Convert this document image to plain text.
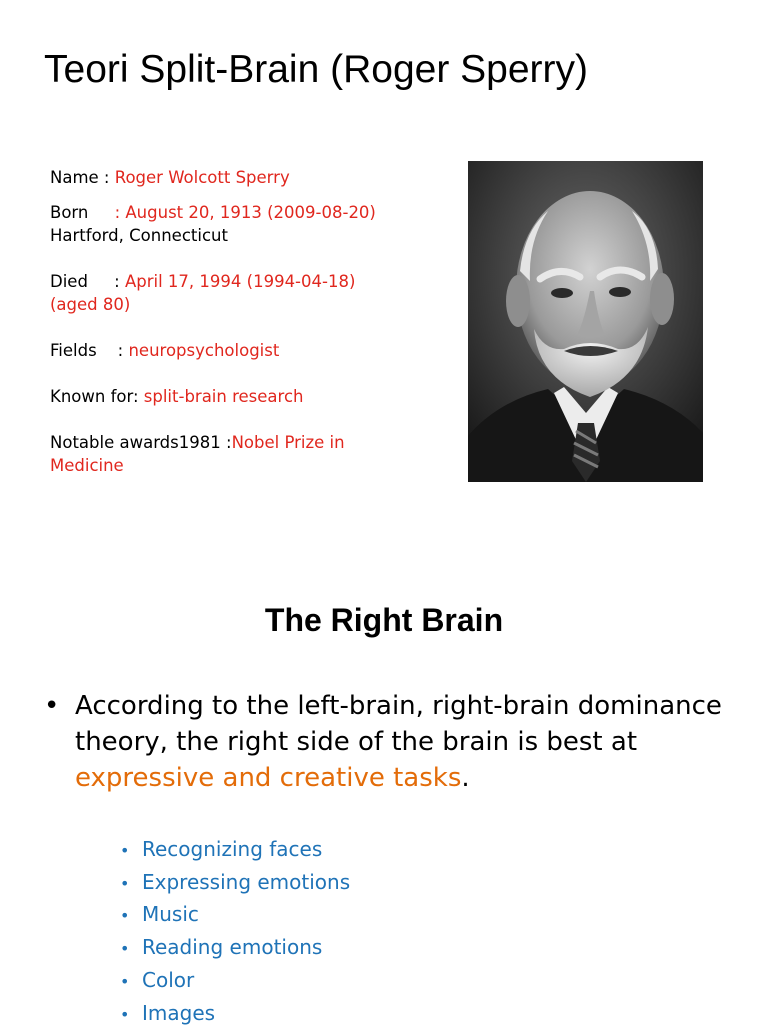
Teori Split-Brain (Roger Sperry)

Name : Roger Wolcott Sperry

Born     : August 20, 1913 (2009-08-20)
Hartford, Connecticut

Died     : April 17, 1994 (1994-04-18)
(aged 80)

Fields    : neuropsychologist

Known for: split-brain research

Notable awards1981 :Nobel Prize in
Medicine

The Right Brain

• According to the left-brain, right-brain dominance theory, the right side of the brain is best at expressive and creative tasks.

• Recognizing faces
• Expressing emotions
• Music
• Reading emotions
• Color
• Images
